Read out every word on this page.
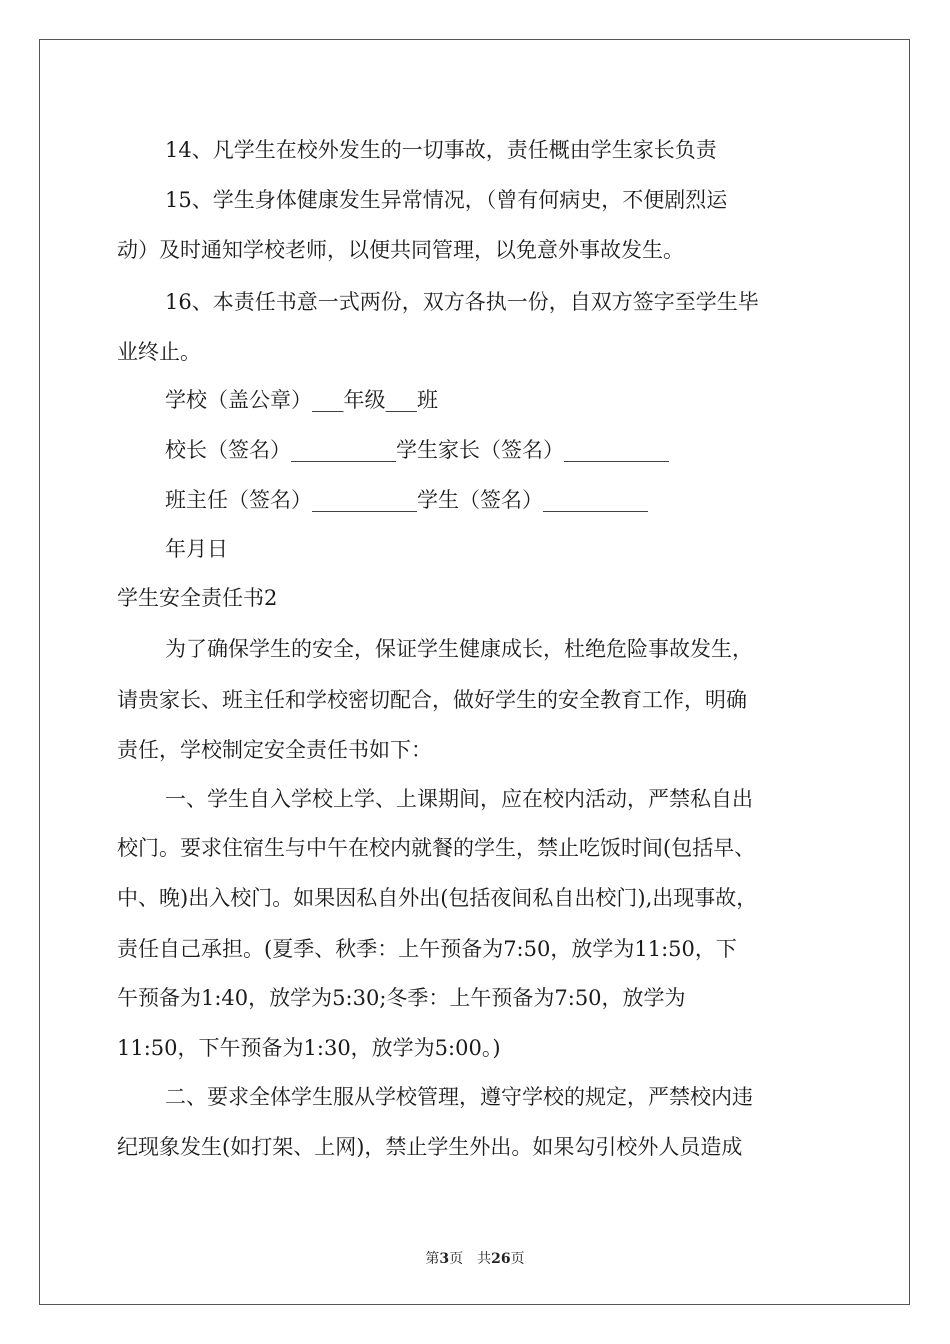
14、凡学生在校外发生的一切事故，责任概由学生家长负责

15、学生身体健康发生异常情况，（曾有何病史，不便剧烈运

动）及时通知学校老师，以便共同管理，以免意外事故发生。

16、本责任书意一式两份，双方各执一份，自双方签字至学生毕

业终止。

学校（盖公章）___年级___班

校长（签名）__________学生家长（签名）__________

班主任（签名）__________学生（签名）__________

年月日

学生安全责任书2

为了确保学生的安全，保证学生健康成长，杜绝危险事故发生，

请贵家长、班主任和学校密切配合，做好学生的安全教育工作，明确

责任，学校制定安全责任书如下：

一、学生自入学校上学、上课期间，应在校内活动，严禁私自出

校门。要求住宿生与中午在校内就餐的学生，禁止吃饭时间(包括早、

中、晚)出入校门。如果因私自外出(包括夜间私自出校门),出现事故，

责任自己承担。(夏季、秋季：上午预备为7:50，放学为11:50，下

午预备为1:40，放学为5:30;冬季：上午预备为7:50，放学为

11:50，下午预备为1:30，放学为5:00。)

二、要求全体学生服从学校管理，遵守学校的规定，严禁校内违

纪现象发生(如打架、上网)，禁止学生外出。如果勾引校外人员造成

第3页　共26页
